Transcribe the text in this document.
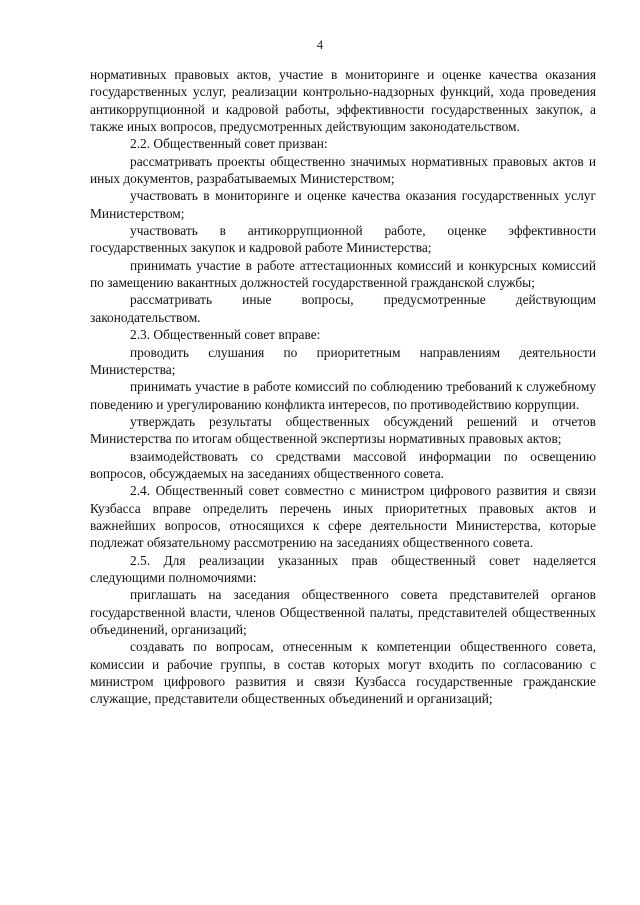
4

нормативных правовых актов, участие в мониторинге и оценке качества оказания государственных услуг, реализации контрольно-надзорных функций, хода проведения антикоррупционной и кадровой работы, эффективности государственных закупок, а также иных вопросов, предусмотренных действующим законодательством.

2.2. Общественный совет призван:

рассматривать проекты общественно значимых нормативных правовых актов и иных документов, разрабатываемых Министерством;

участвовать в мониторинге и оценке качества оказания государственных услуг Министерством;

участвовать в антикоррупционной работе, оценке эффективности государственных закупок и кадровой работе Министерства;

принимать участие в работе аттестационных комиссий и конкурсных комиссий по замещению вакантных должностей государственной гражданской службы;

рассматривать иные вопросы, предусмотренные действующим законодательством.

2.3. Общественный совет вправе:

проводить слушания по приоритетным направлениям деятельности Министерства;

принимать участие в работе комиссий по соблюдению требований к служебному поведению и урегулированию конфликта интересов, по противодействию коррупции.

утверждать результаты общественных обсуждений решений и отчетов Министерства по итогам общественной экспертизы нормативных правовых актов;

взаимодействовать со средствами массовой информации по освещению вопросов, обсуждаемых на заседаниях общественного совета.

2.4. Общественный совет совместно с министром цифрового развития и связи Кузбасса вправе определить перечень иных приоритетных правовых актов и важнейших вопросов, относящихся к сфере деятельности Министерства, которые подлежат обязательному рассмотрению на заседаниях общественного совета.

2.5. Для реализации указанных прав общественный совет наделяется следующими полномочиями:

приглашать на заседания общественного совета представителей органов государственной власти, членов Общественной палаты, представителей общественных объединений, организаций;

создавать по вопросам, отнесенным к компетенции общественного совета, комиссии и рабочие группы, в состав которых могут входить по согласованию с министром цифрового развития и связи Кузбасса государственные гражданские служащие, представители общественных объединений и организаций;
